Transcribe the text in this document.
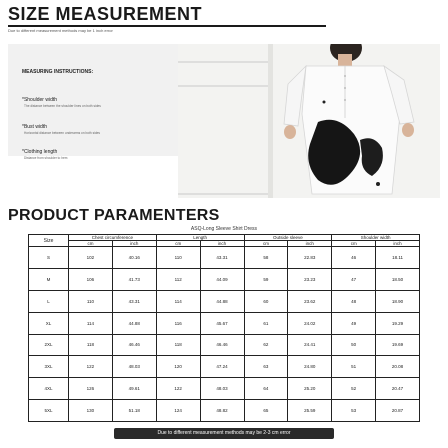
SIZE MEASUREMENT
Due to different measurement methods may be 1 inch error
MEASURING INSTRUCTIONS:
*Shoulder width
The distance between the shoulder lines on both sides
*Bust width
Horizontal distance between underarms on both sides
*Clothing length
Distance from shoulder to hem
PRODUCT PARAMENTERS
ASQ-Long Sleeve Shirt Dress
Size	Chest circumference		Length		Outside sleeve		Shoulder width	
	cm	inch	cm	inch	cm	inch	cm	inch
S	102	40.16	110	43.31	58	22.83	46	18.11
M	106	41.73	112	44.09	59	23.23	47	18.50
L	110	43.31	114	44.88	60	23.62	48	18.90
XL	114	44.88	116	45.67	61	24.02	49	19.29
2XL	118	46.46	118	46.46	62	24.41	50	19.69
3XL	122	48.03	120	47.24	63	24.80	51	20.08
4XL	126	49.61	122	48.03	64	25.20	52	20.47
5XL	130	51.18	124	48.82	65	25.59	53	20.87
Due to different measurement methods may be 2-3 cm error
